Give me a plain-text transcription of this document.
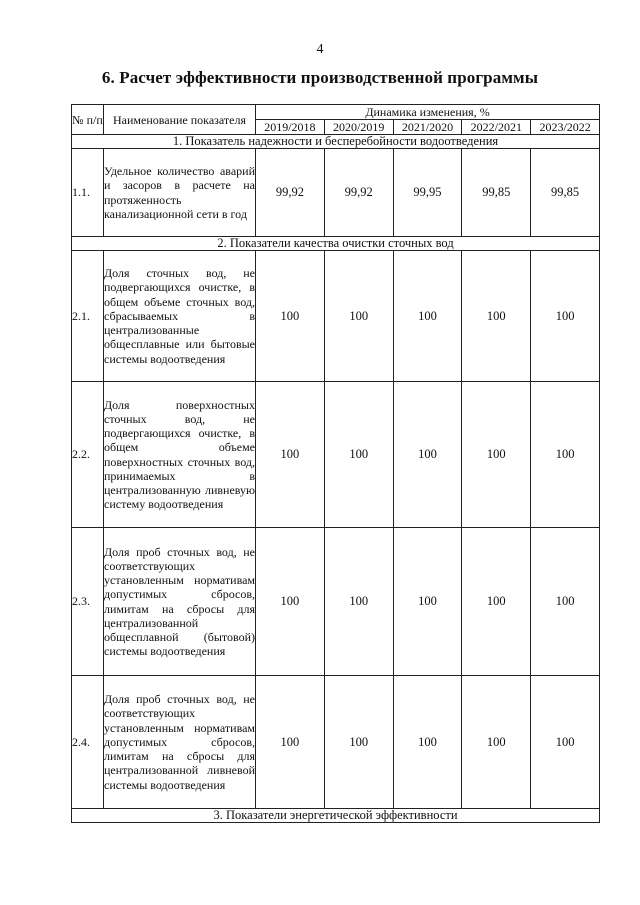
4
6. Расчет эффективности производственной программы
№ п/п	Наименование показателя	Динамика изменения, %				
		2019/2018	2020/2019	2021/2020	2022/2021	2023/2022
1. Показатель надежности и бесперебойности водоотведения						
1.1.	Удельное количество аварий и засоров в расчете на протяженность канализационной сети в год	99,92	99,92	99,95	99,85	99,85
2. Показатели качества очистки сточных вод						
2.1.	Доля сточных вод, не подвергающихся очистке, в общем объеме сточных вод, сбрасываемых в централизованные общесплавные или бытовые системы водоотведения	100	100	100	100	100
2.2.	Доля поверхностных сточных вод, не подвергающихся очистке, в общем объеме поверхностных сточных вод, принимаемых в централизованную ливневую систему водоотведения	100	100	100	100	100
2.3.	Доля проб сточных вод, не соответствующих установленным нормативам допустимых сбросов, лимитам на сбросы для централизованной общесплавной (бытовой) системы водоотведения	100	100	100	100	100
2.4.	Доля проб сточных вод, не соответствующих установленным нормативам допустимых сбросов, лимитам на сбросы для централизованной ливневой системы водоотведения	100	100	100	100	100
3. Показатели энергетической эффективности						
